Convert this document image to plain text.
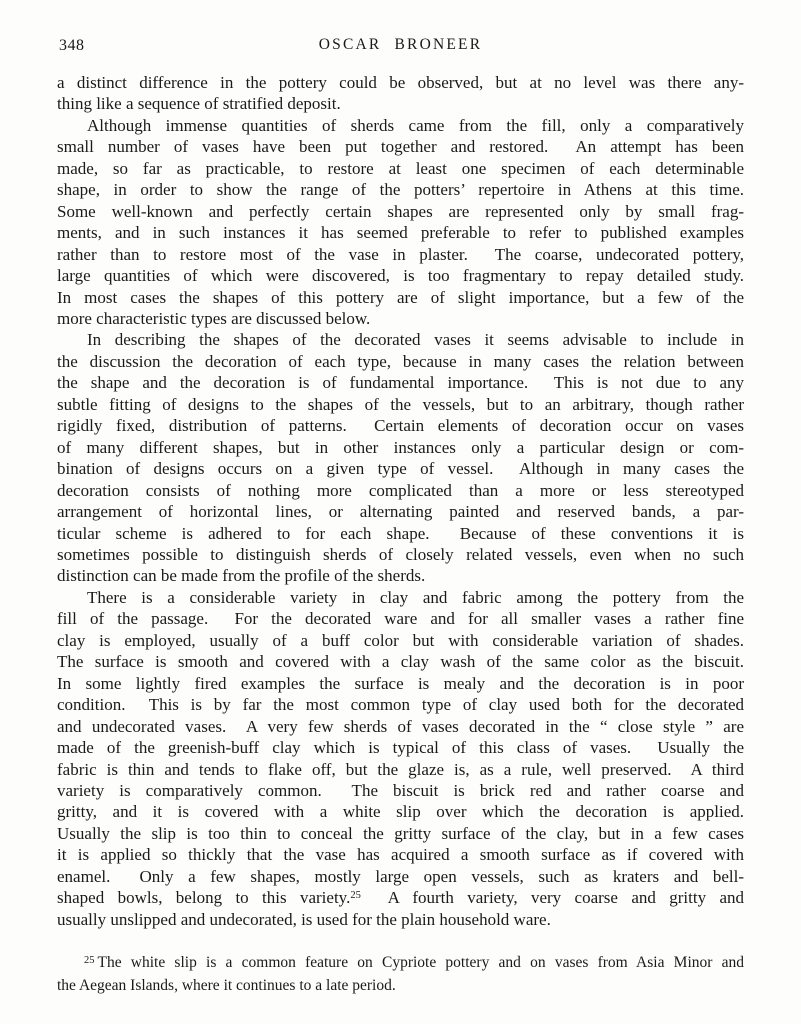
348	OSCAR BRONEER
a distinct difference in the pottery could be observed, but at no level was there any-
thing like a sequence of stratified deposit.
Although immense quantities of sherds came from the fill, only a comparatively
small number of vases have been put together and restored.  An attempt has been
made, so far as practicable, to restore at least one specimen of each determinable
shape, in order to show the range of the potters’ repertoire in Athens at this time.
Some well-known and perfectly certain shapes are represented only by small frag-
ments, and in such instances it has seemed preferable to refer to published examples
rather than to restore most of the vase in plaster.  The coarse, undecorated pottery,
large quantities of which were discovered, is too fragmentary to repay detailed study.
In most cases the shapes of this pottery are of slight importance, but a few of the
more characteristic types are discussed below.
In describing the shapes of the decorated vases it seems advisable to include in
the discussion the decoration of each type, because in many cases the relation between
the shape and the decoration is of fundamental importance.  This is not due to any
subtle fitting of designs to the shapes of the vessels, but to an arbitrary, though rather
rigidly fixed, distribution of patterns.  Certain elements of decoration occur on vases
of many different shapes, but in other instances only a particular design or com-
bination of designs occurs on a given type of vessel.  Although in many cases the
decoration consists of nothing more complicated than a more or less stereotyped
arrangement of horizontal lines, or alternating painted and reserved bands, a par-
ticular scheme is adhered to for each shape.  Because of these conventions it is
sometimes possible to distinguish sherds of closely related vessels, even when no such
distinction can be made from the profile of the sherds.
There is a considerable variety in clay and fabric among the pottery from the
fill of the passage.  For the decorated ware and for all smaller vases a rather fine
clay is employed, usually of a buff color but with considerable variation of shades.
The surface is smooth and covered with a clay wash of the same color as the biscuit.
In some lightly fired examples the surface is mealy and the decoration is in poor
condition.  This is by far the most common type of clay used both for the decorated
and undecorated vases.  A very few sherds of vases decorated in the “ close style ” are
made of the greenish-buff clay which is typical of this class of vases.  Usually the
fabric is thin and tends to flake off, but the glaze is, as a rule, well preserved.  A third
variety is comparatively common.  The biscuit is brick red and rather coarse and
gritty, and it is covered with a white slip over which the decoration is applied.
Usually the slip is too thin to conceal the gritty surface of the clay, but in a few cases
it is applied so thickly that the vase has acquired a smooth surface as if covered with
enamel.  Only a few shapes, mostly large open vessels, such as kraters and bell-
shaped bowls, belong to this variety.$^{25}$  A fourth variety, very coarse and gritty and
usually unslipped and undecorated, is used for the plain household ware.
$^{25}$ The white slip is a common feature on Cypriote pottery and on vases from Asia Minor and
the Aegean Islands, where it continues to a late period.
